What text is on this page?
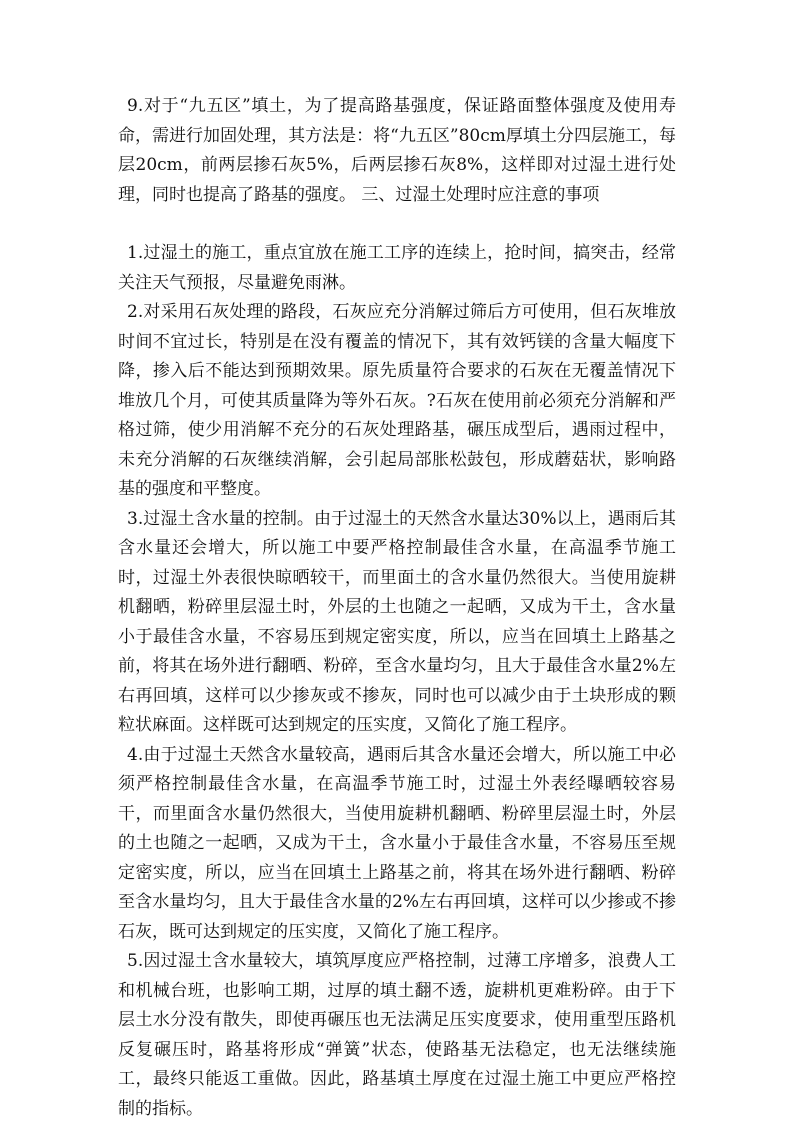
9.对于“九五区”填土，为了提高路基强度，保证路面整体强度及使用寿命，需进行加固处理，其方法是：将“九五区”80cm厚填土分四层施工，每层20cm，前两层掺石灰5%，后两层掺石灰8%，这样即对过湿土进行处理，同时也提高了路基的强度。 三、过湿土处理时应注意的事项

1.过湿土的施工，重点宜放在施工工序的连续上，抢时间，搞突击，经常关注天气预报，尽量避免雨淋。

2.对采用石灰处理的路段，石灰应充分消解过筛后方可使用，但石灰堆放时间不宜过长，特别是在没有覆盖的情况下，其有效钙镁的含量大幅度下降，掺入后不能达到预期效果。原先质量符合要求的石灰在无覆盖情况下堆放几个月，可使其质量降为等外石灰。?石灰在使用前必须充分消解和严格过筛，使少用消解不充分的石灰处理路基，碾压成型后，遇雨过程中，未充分消解的石灰继续消解，会引起局部胀松鼓包，形成蘑菇状，影响路基的强度和平整度。

3.过湿土含水量的控制。由于过湿土的天然含水量达30%以上，遇雨后其含水量还会增大，所以施工中要严格控制最佳含水量，在高温季节施工时，过湿土外表很快晾晒较干，而里面土的含水量仍然很大。当使用旋耕机翻晒，粉碎里层湿土时，外层的土也随之一起晒，又成为干土，含水量小于最佳含水量，不容易压到规定密实度，所以，应当在回填土上路基之前，将其在场外进行翻晒、粉碎，至含水量均匀，且大于最佳含水量2%左右再回填，这样可以少掺灰或不掺灰，同时也可以减少由于土块形成的颗粒状麻面。这样既可达到规定的压实度，又简化了施工程序。

4.由于过湿土天然含水量较高，遇雨后其含水量还会增大，所以施工中必须严格控制最佳含水量，在高温季节施工时，过湿土外表经曝晒较容易干，而里面含水量仍然很大，当使用旋耕机翻晒、粉碎里层湿土时，外层的土也随之一起晒，又成为干土，含水量小于最佳含水量，不容易压至规定密实度，所以，应当在回填土上路基之前，将其在场外进行翻晒、粉碎至含水量均匀，且大于最佳含水量的2%左右再回填，这样可以少掺或不掺石灰，既可达到规定的压实度，又简化了施工程序。

5.因过湿土含水量较大，填筑厚度应严格控制，过薄工序增多，浪费人工和机械台班，也影响工期，过厚的填土翻不透，旋耕机更难粉碎。由于下层土水分没有散失，即使再碾压也无法满足压实度要求，使用重型压路机反复碾压时，路基将形成“弹簧”状态，使路基无法稳定，也无法继续施工，最终只能返工重做。因此，路基填土厚度在过湿土施工中更应严格控制的指标。
